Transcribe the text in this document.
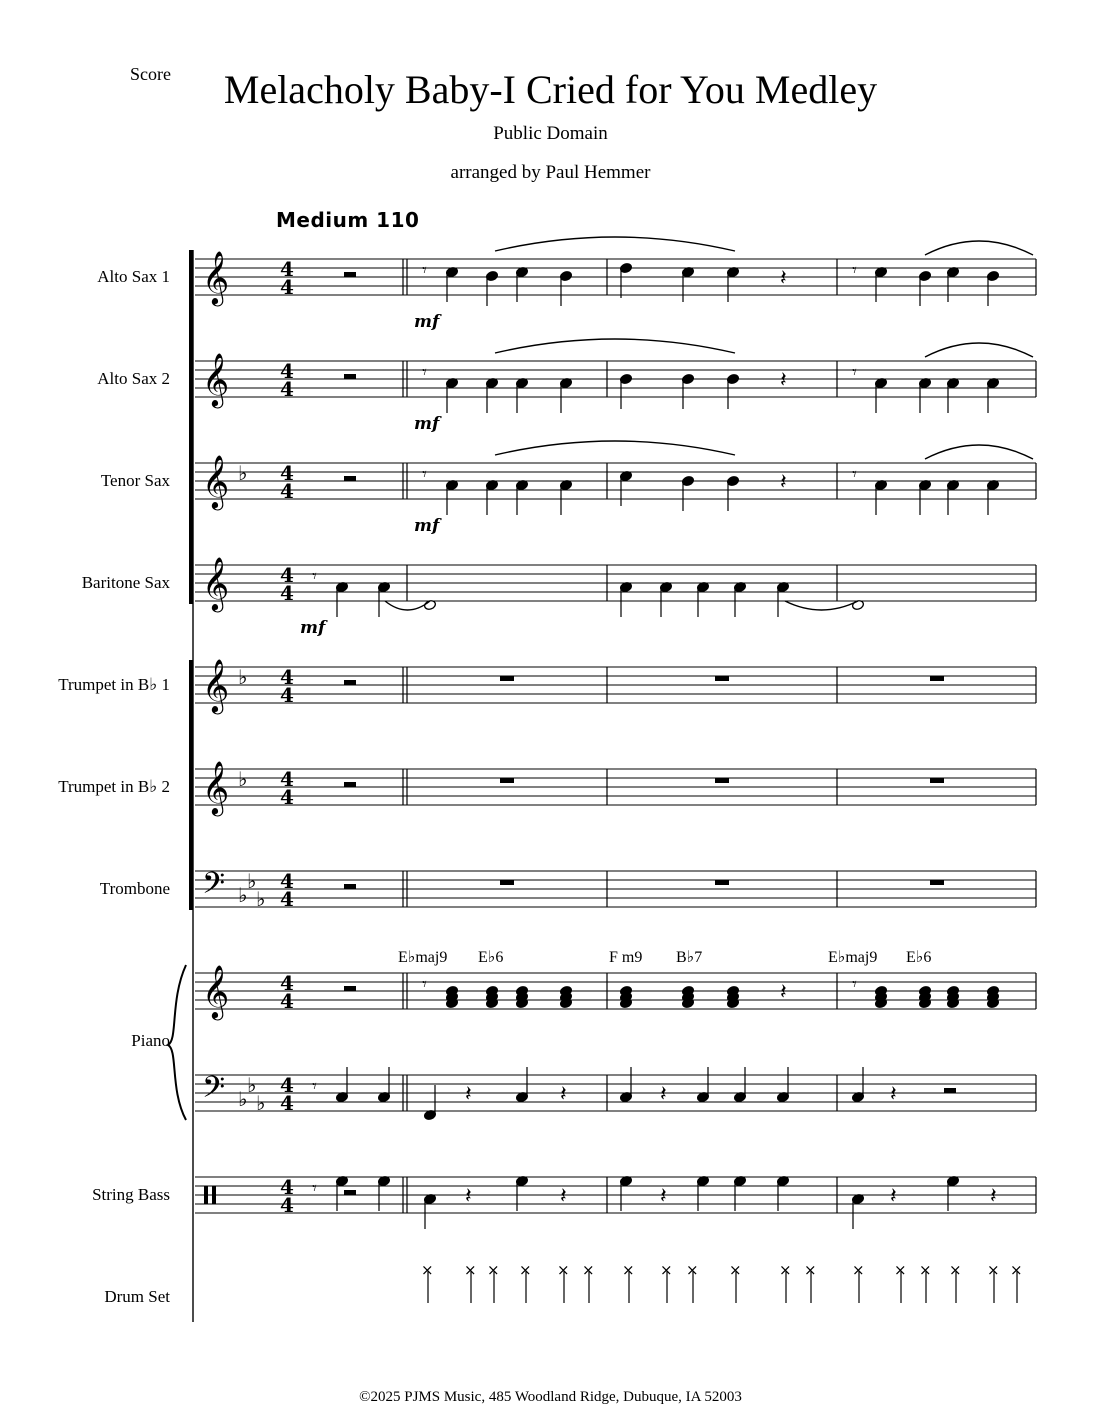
Score	Melacholy Baby-I Cried for You Medley
Public Domain
arranged by Paul Hemmer
Medium 110
Alto Sax 1
Alto Sax 2
Tenor Sax
Baritone Sax
Trumpet in B♭ 1
Trumpet in B♭ 2
Trombone
Piano
String Bass
Drum Set
𝄞	4
4
𝄞	4
4
𝄞 ♭ 4
4
𝄞	4
4
𝄞 ♭ 4
4
𝄞 ♭ 4
4
𝄢 ♭
♭
♭
4
4
𝄞	4
4
𝄢 ♭
♭
♭
4
4
4
4
𝄾	𝄽	𝄾
𝄾	𝄽	𝄾
𝄾	𝄽	𝄾
𝄾
𝄾	𝄽	𝄾
𝄾	𝄽	𝄽	𝄽	𝄽
𝄾	𝄽	𝄽	𝄽	𝄽	𝄽
× × × × × × × × × × × × × × × × × ×
E♭maj9 E♭6	F m9 B♭7	E♭maj9 E♭6
mf
mf
mf
mf
©2025 PJMS Music, 485 Woodland Ridge, Dubuque, IA 52003
